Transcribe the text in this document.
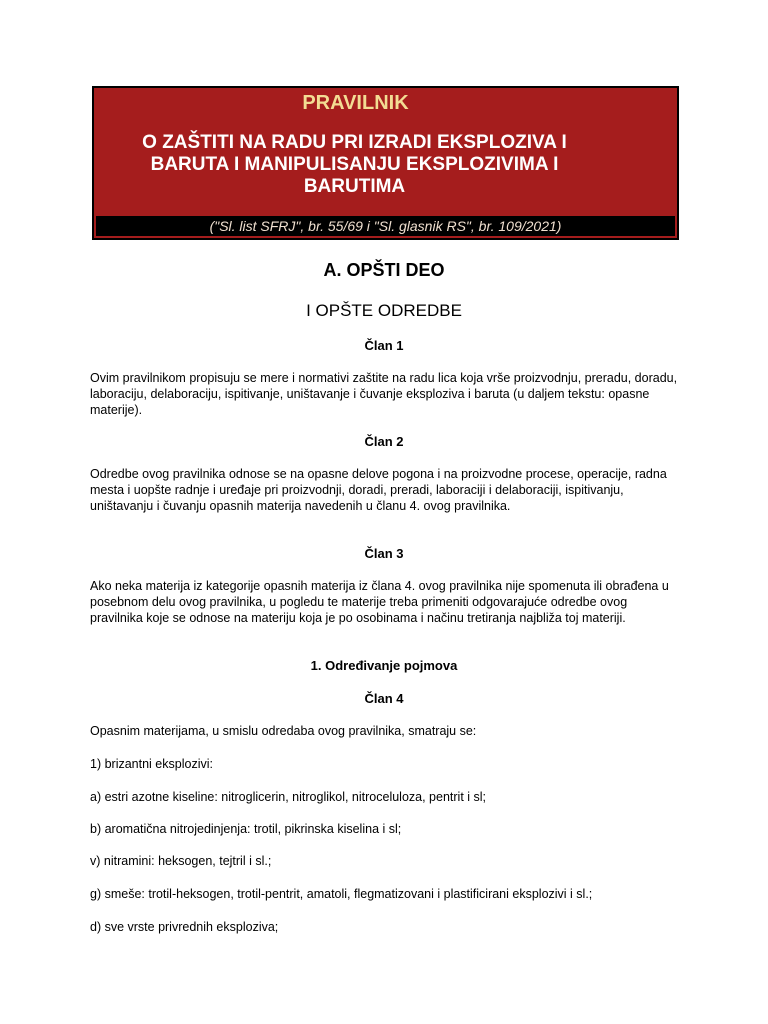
PRAVILNIK
O ZAŠTITI NA RADU PRI IZRADI EKSPLOZIVA I BARUTA I MANIPULISANJU EKSPLOZIVIMA I BARUTIMA
("Sl. list SFRJ", br. 55/69 i "Sl. glasnik RS", br. 109/2021)
A. OPŠTI DEO
I OPŠTE ODREDBE
Član 1
Ovim pravilnikom propisuju se mere i normativi zaštite na radu lica koja vrše proizvodnju, preradu, doradu, laboraciju, delaboraciju, ispitivanje, uništavanje i čuvanje eksploziva i baruta (u daljem tekstu: opasne materije).
Član 2
Odredbe ovog pravilnika odnose se na opasne delove pogona i na proizvodne procese, operacije, radna mesta i uopšte radnje i uređaje pri proizvodnji, doradi, preradi, laboraciji i delaboraciji, ispitivanju, uništavanju i čuvanju opasnih materija navedenih u članu 4. ovog pravilnika.
Član 3
Ako neka materija iz kategorije opasnih materija iz člana 4. ovog pravilnika nije spomenuta ili obrađena u posebnom delu ovog pravilnika, u pogledu te materije treba primeniti odgovarajuće odredbe ovog pravilnika koje se odnose na materiju koja je po osobinama i načinu tretiranja najbliža toj materiji.
1. Određivanje pojmova
Član 4
Opasnim materijama, u smislu odredaba ovog pravilnika, smatraju se:
1) brizantni eksplozivi:
a) estri azotne kiseline: nitroglicerin, nitroglikol, nitroceluloza, pentrit i sl;
b) aromatična nitrojedinjenja: trotil, pikrinska kiselina i sl;
v) nitramini: heksogen, tejtril i sl.;
g) smeše: trotil-heksogen, trotil-pentrit, amatoli, flegmatizovani i plastificirani eksplozivi i sl.;
d) sve vrste privrednih eksploziva;
